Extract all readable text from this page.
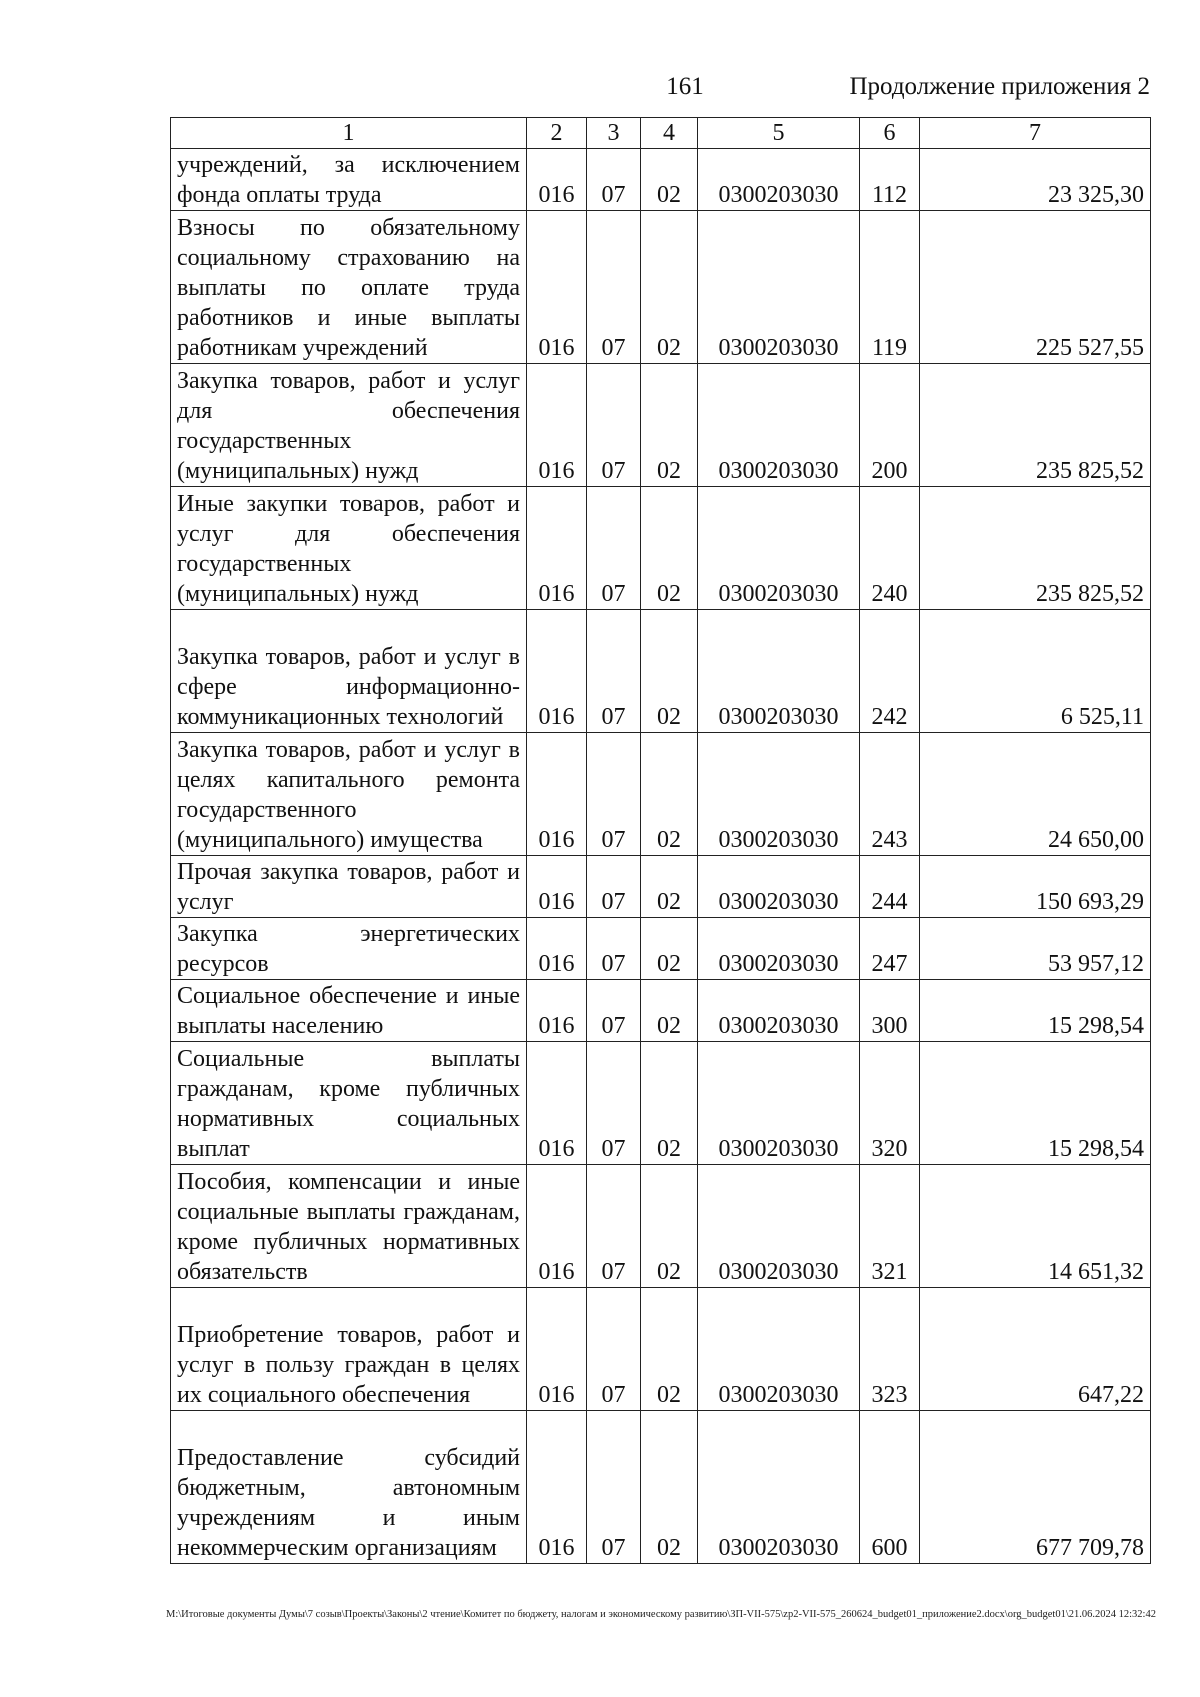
161	Продолжение приложения 2
1	2	3	4	5	6	7
учреждений, за исключением фонда оплаты труда	016	07	02	0300203030	112	23 325,30
Взносы по обязательному социальному страхованию на выплаты по оплате труда работников и иные выплаты работникам учреждений	016	07	02	0300203030	119	225 527,55
Закупка товаров, работ и услуг для обеспечения государственных (муниципальных) нужд	016	07	02	0300203030	200	235 825,52
Иные закупки товаров, работ и услуг для обеспечения государственных (муниципальных) нужд	016	07	02	0300203030	240	235 825,52
Закупка товаров, работ и услуг в сфере информационно-коммуникационных технологий	016	07	02	0300203030	242	6 525,11
Закупка товаров, работ и услуг в целях капитального ремонта государственного (муниципального) имущества	016	07	02	0300203030	243	24 650,00
Прочая закупка товаров, работ и услуг	016	07	02	0300203030	244	150 693,29
Закупка энергетических ресурсов	016	07	02	0300203030	247	53 957,12
Социальное обеспечение и иные выплаты населению	016	07	02	0300203030	300	15 298,54
Социальные выплаты гражданам, кроме публичных нормативных социальных выплат	016	07	02	0300203030	320	15 298,54
Пособия, компенсации и иные социальные выплаты гражданам, кроме публичных нормативных обязательств	016	07	02	0300203030	321	14 651,32
Приобретение товаров, работ и услуг в пользу граждан в целях их социального обеспечения	016	07	02	0300203030	323	647,22
Предоставление субсидий бюджетным, автономным учреждениям и иным некоммерческим организациям	016	07	02	0300203030	600	677 709,78
M:\Итоговые документы Думы\7 созыв\Проекты\Законы\2 чтение\Комитет по бюджету, налогам и экономическому развитию\ЗП-VII-575\zp2-VII-575_260624_budget01_приложение2.docx\org_budget01\21.06.2024 12:32:42
